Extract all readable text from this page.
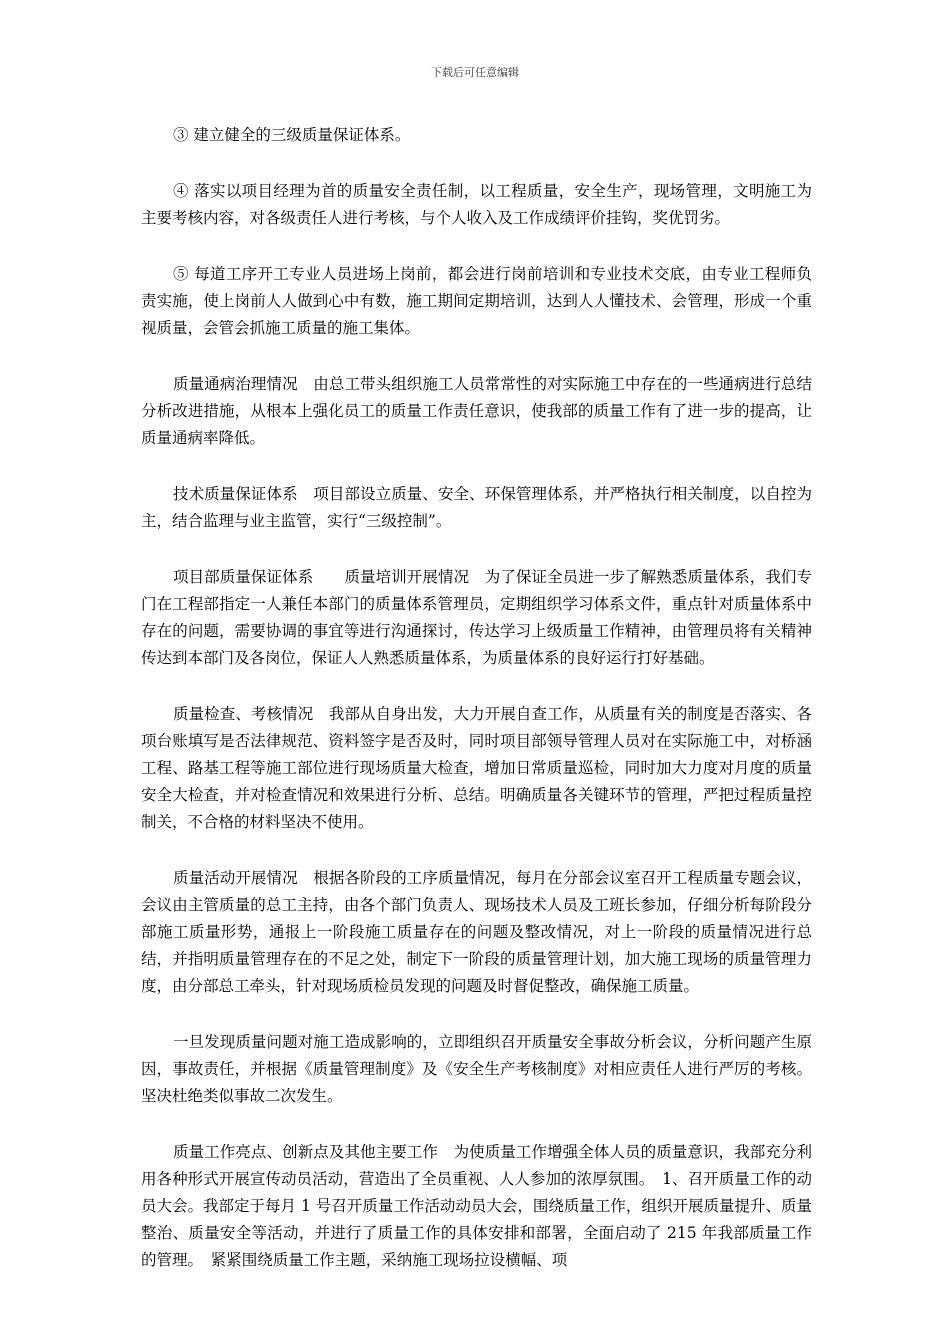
下载后可任意编辑

③ 建立健全的三级质量保证体系。

④ 落实以项目经理为首的质量安全责任制，以工程质量，安全生产，现场管理，文明施工为主要考核内容，对各级责任人进行考核，与个人收入及工作成绩评价挂钩，奖优罚劣。

⑤ 每道工序开工专业人员进场上岗前，都会进行岗前培训和专业技术交底，由专业工程师负责实施，使上岗前人人做到心中有数，施工期间定期培训，达到人人懂技术、会管理，形成一个重视质量，会管会抓施工质量的施工集体。

质量通病治理情况　由总工带头组织施工人员常常性的对实际施工中存在的一些通病进行总结分析改进措施，从根本上强化员工的质量工作责任意识，使我部的质量工作有了进一步的提高，让质量通病率降低。

技术质量保证体系　项目部设立质量、安全、环保管理体系，并严格执行相关制度，以自控为主，结合监理与业主监管，实行“三级控制”。

项目部质量保证体系　　质量培训开展情况　为了保证全员进一步了解熟悉质量体系，我们专门在工程部指定一人兼任本部门的质量体系管理员，定期组织学习体系文件，重点针对质量体系中存在的问题，需要协调的事宜等进行沟通探讨，传达学习上级质量工作精神，由管理员将有关精神传达到本部门及各岗位，保证人人熟悉质量体系，为质量体系的良好运行打好基础。

质量检查、考核情况　我部从自身出发，大力开展自查工作，从质量有关的制度是否落实、各项台账填写是否法律规范、资料签字是否及时，同时项目部领导管理人员对在实际施工中，对桥涵工程、路基工程等施工部位进行现场质量大检查，增加日常质量巡检，同时加大力度对月度的质量安全大检查，并对检查情况和效果进行分析、总结。明确质量各关键环节的管理，严把过程质量控制关，不合格的材料坚决不使用。

质量活动开展情况　根据各阶段的工序质量情况，每月在分部会议室召开工程质量专题会议，会议由主管质量的总工主持，由各个部门负责人、现场技术人员及工班长参加，仔细分析每阶段分部施工质量形势，通报上一阶段施工质量存在的问题及整改情况，对上一阶段的质量情况进行总结，并指明质量管理存在的不足之处，制定下一阶段的质量管理计划，加大施工现场的质量管理力度，由分部总工牵头，针对现场质检员发现的问题及时督促整改，确保施工质量。

一旦发现质量问题对施工造成影响的，立即组织召开质量安全事故分析会议，分析问题产生原因，事故责任，并根据《质量管理制度》及《安全生产考核制度》对相应责任人进行严厉的考核。坚决杜绝类似事故二次发生。

质量工作亮点、创新点及其他主要工作　为使质量工作增强全体人员的质量意识，我部充分利用各种形式开展宣传动员活动，营造出了全员重视、人人参加的浓厚氛围。　1、召开质量工作的动员大会。我部定于每月 1 号召开质量工作活动动员大会，围绕质量工作，组织开展质量提升、质量整治、质量安全等活动，并进行了质量工作的具体安排和部署，全面启动了 215 年我部质量工作的管理。　紧紧围绕质量工作主题，采纳施工现场拉设横幅、项
